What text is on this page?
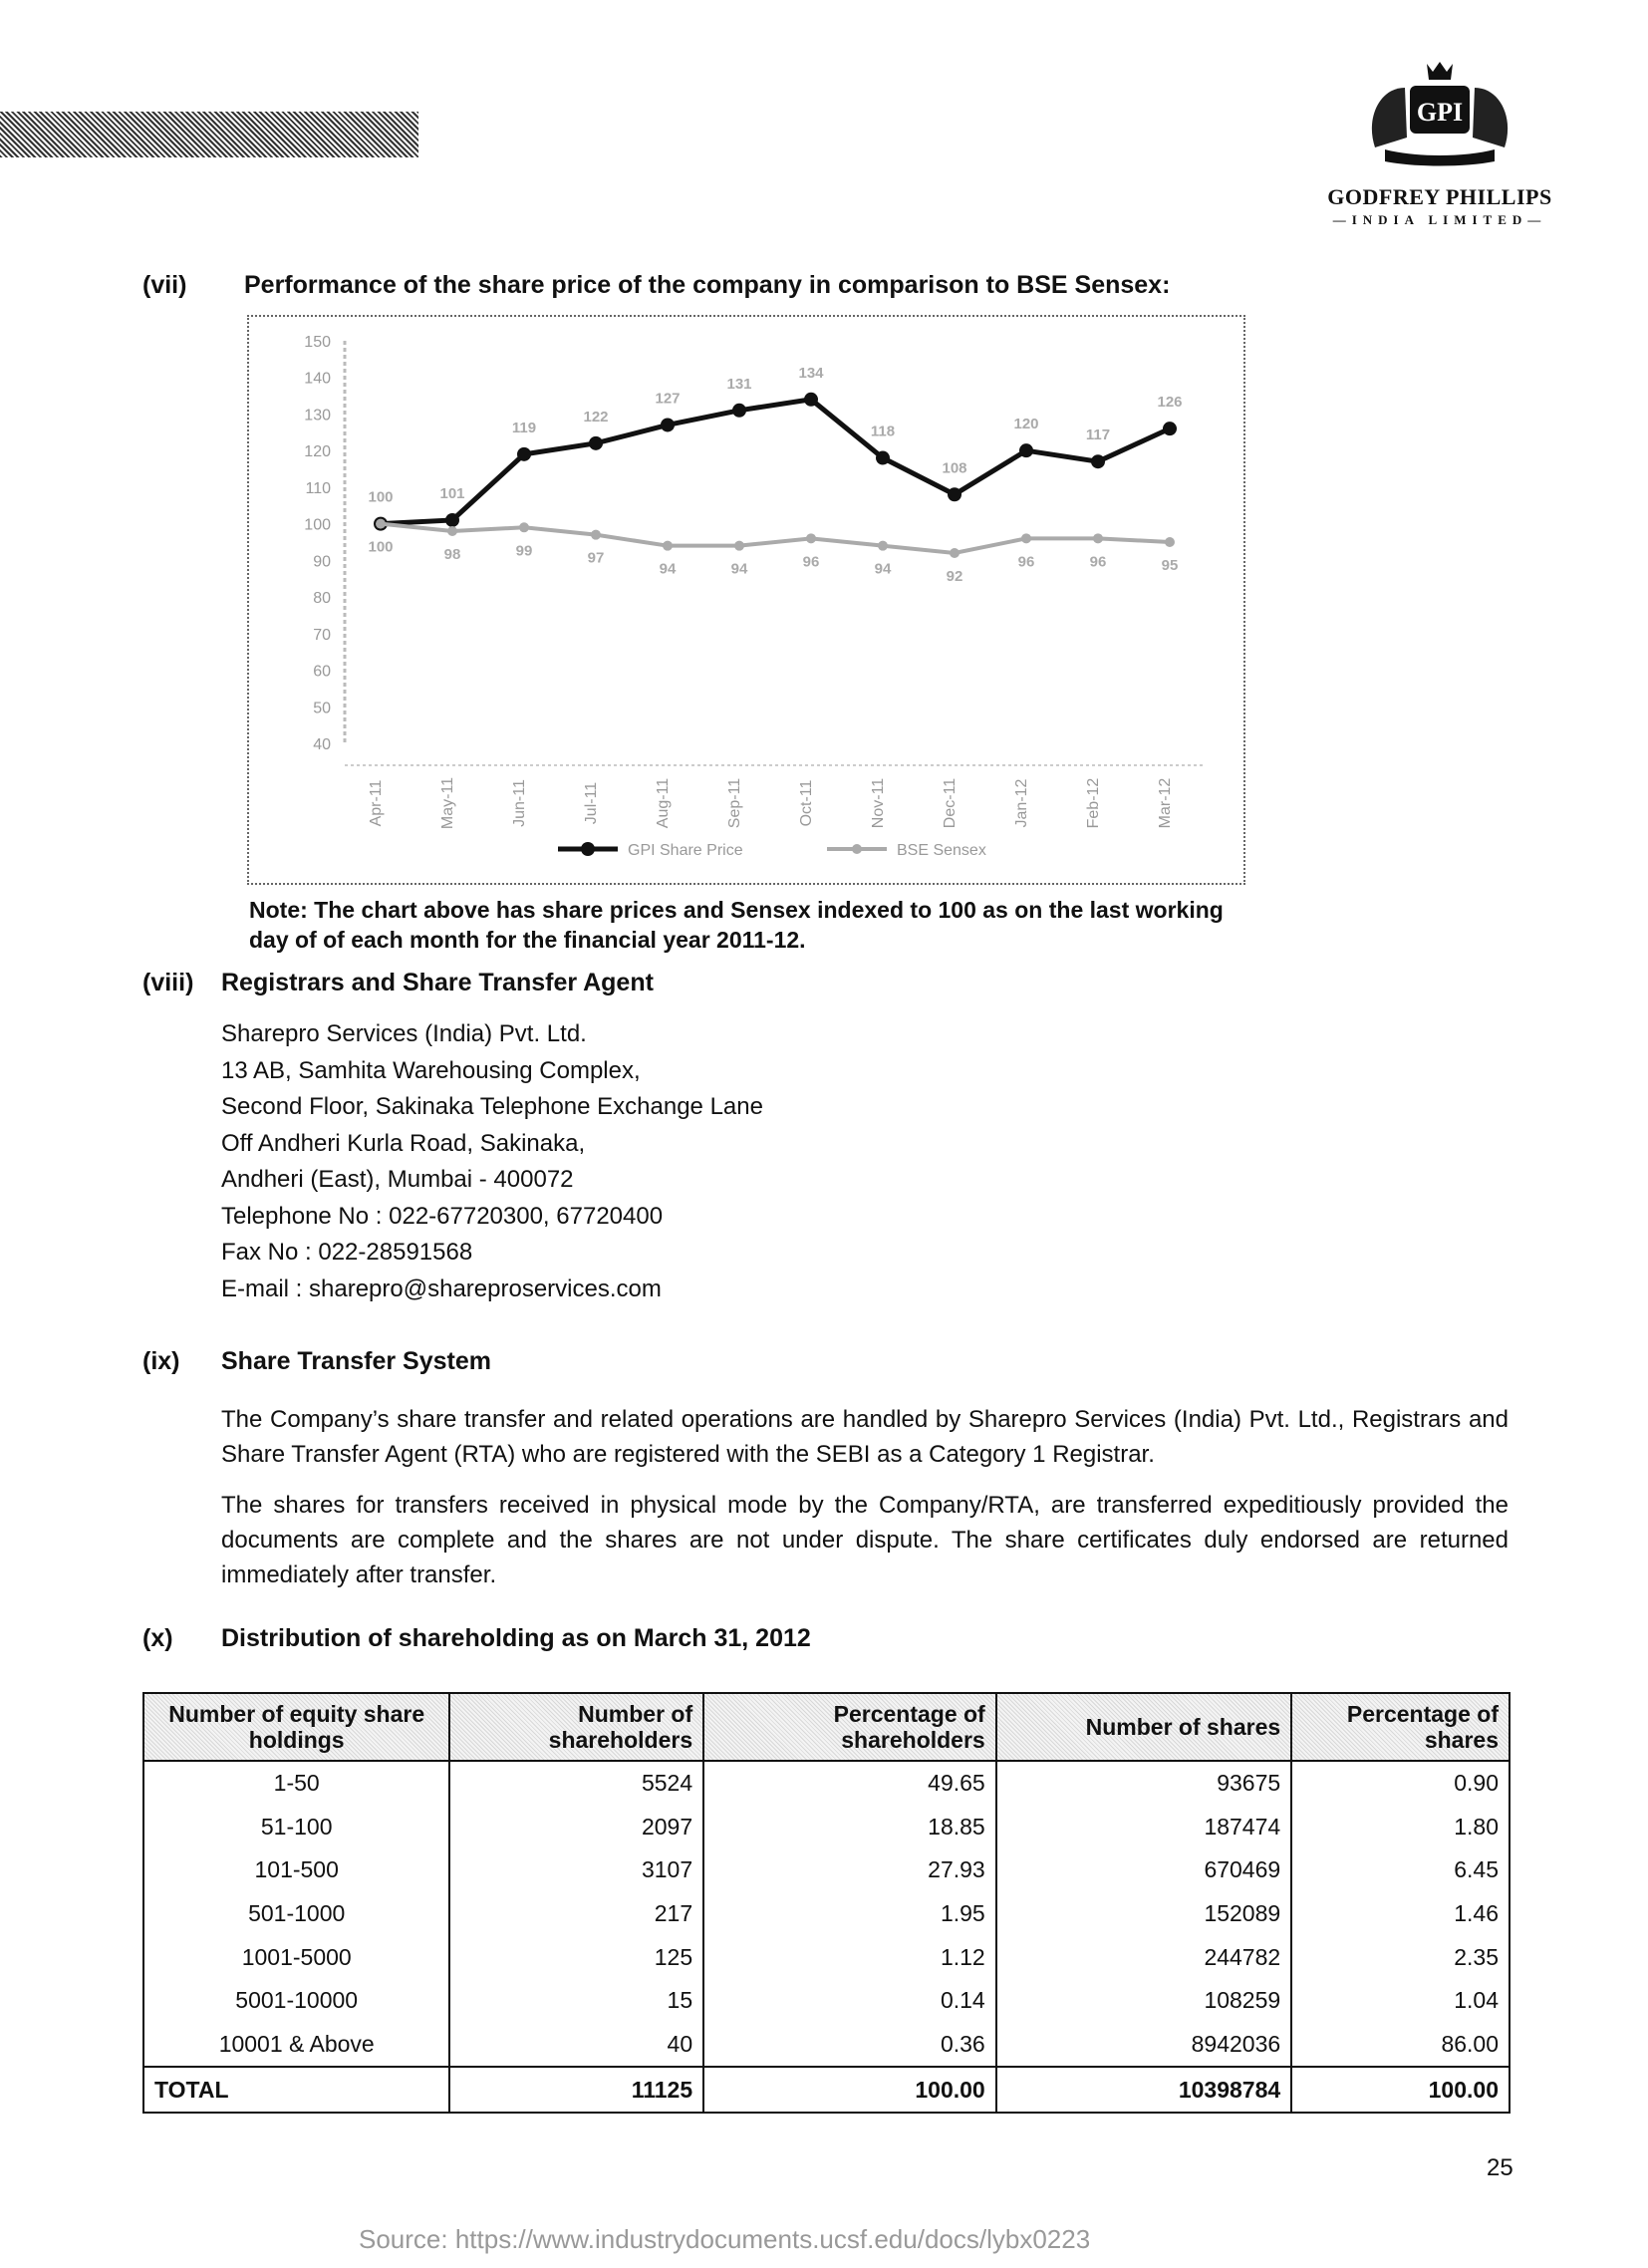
GPI
GODFREY PHILLIPS
—INDIA LIMITED—
(vii) Performance of the share price of the company in comparison to BSE Sensex:
40
50
60
70
80
90
100
110
120
130
140
150
Apr-11	May-11	Jun-11	Jul-11	Aug-11	Sep-11	Oct-11	Nov-11	Dec-11	Jan-12	Feb-12	Mar-12
100	101
119
122
127
131
134
118
108
120
117
126
100	98	99	97
94	94	96	94	92
96	96	95
GPI Share Price	BSE Sensex
Note: The chart above has share prices and Sensex indexed to 100 as on the last working day of of each month for the financial year 2011-12.
(viii) Registrars and Share Transfer Agent
Sharepro Services (India) Pvt. Ltd.
13 AB, Samhita Warehousing Complex,
Second Floor, Sakinaka Telephone Exchange Lane
Off Andheri Kurla Road, Sakinaka,
Andheri (East), Mumbai - 400072
Telephone No : 022-67720300, 67720400
Fax No : 022-28591568
E-mail : sharepro@shareproservices.com
(ix) Share Transfer System
The Company’s share transfer and related operations are handled by Sharepro Services (India) Pvt. Ltd., Registrars and Share Transfer Agent (RTA) who are registered with the SEBI as a Category 1 Registrar.
The shares for transfers received in physical mode by the Company/RTA, are transferred expeditiously provided the documents are complete and the shares are not under dispute. The share certificates duly endorsed are returned immediately after transfer.
(x) Distribution of shareholding as on March 31, 2012
Number of equity share holdings	Number of shareholders	Percentage of shareholders	Number of shares	Percentage of shares
1-50	5524	49.65	93675	0.90
51-100	2097	18.85	187474	1.80
101-500	3107	27.93	670469	6.45
501-1000	217	1.95	152089	1.46
1001-5000	125	1.12	244782	2.35
5001-10000	15	0.14	108259	1.04
10001 & Above	40	0.36	8942036	86.00
TOTAL	11125	100.00	10398784	100.00
25
Source: https://www.industrydocuments.ucsf.edu/docs/lybx0223
